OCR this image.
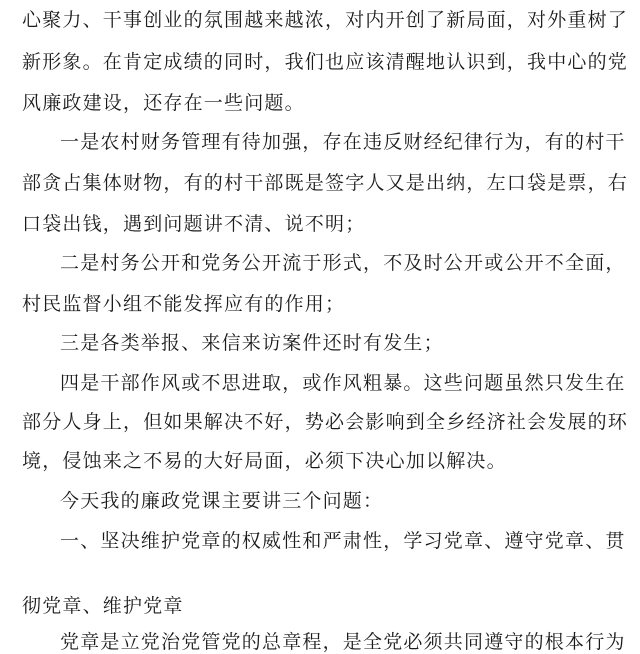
心聚力、干事创业的氛围越来越浓，对内开创了新局面，对外重树了
新形象。在肯定成绩的同时，我们也应该清醒地认识到，我中心的党
风廉政建设，还存在一些问题。
一是农村财务管理有待加强，存在违反财经纪律行为，有的村干
部贪占集体财物，有的村干部既是签字人又是出纳，左口袋是票，右
口袋出钱，遇到问题讲不清、说不明；
二是村务公开和党务公开流于形式，不及时公开或公开不全面，
村民监督小组不能发挥应有的作用；
三是各类举报、来信来访案件还时有发生；
四是干部作风或不思进取，或作风粗暴。这些问题虽然只发生在
部分人身上，但如果解决不好，势必会影响到全乡经济社会发展的环
境，侵蚀来之不易的大好局面，必须下决心加以解决。
今天我的廉政党课主要讲三个问题：
一、坚决维护党章的权威性和严肃性，学习党章、遵守党章、贯
彻党章、维护党章
党章是立党治党管党的总章程，是全党必须共同遵守的根本行为
